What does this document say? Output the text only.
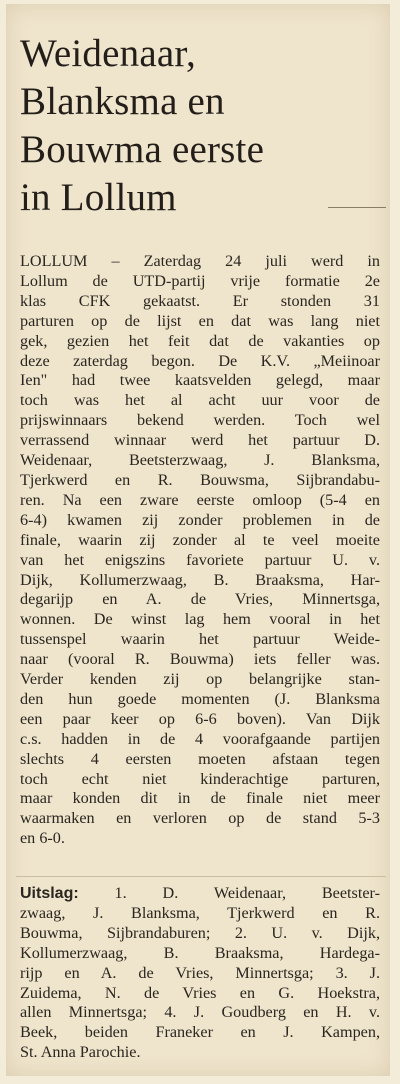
Weidenaar,
Blanksma en
Bouwma eerste
in Lollum
LOLLUM – Zaterdag 24 juli werd in
Lollum de UTD-partij vrije formatie 2e
klas CFK gekaatst. Er stonden 31
parturen op de lijst en dat was lang niet
gek, gezien het feit dat de vakanties op
deze zaterdag begon. De K.V. „Meiinoar
Ien" had twee kaatsvelden gelegd, maar
toch was het al acht uur voor de
prijswinnaars bekend werden. Toch wel
verrassend winnaar werd het partuur D.
Weidenaar, Beetsterzwaag, J. Blanksma,
Tjerkwerd en R. Bouwsma, Sijbrandabu-
ren. Na een zware eerste omloop (5-4 en
6-4) kwamen zij zonder problemen in de
finale, waarin zij zonder al te veel moeite
van het enigszins favoriete partuur U. v.
Dijk, Kollumerzwaag, B. Braaksma, Har-
degarijp en A. de Vries, Minnertsga,
wonnen. De winst lag hem vooral in het
tussenspel waarin het partuur Weide-
naar (vooral R. Bouwma) iets feller was.
Verder kenden zij op belangrijke stan-
den hun goede momenten (J. Blanksma
een paar keer op 6-6 boven). Van Dijk
c.s. hadden in de 4 voorafgaande partijen
slechts 4 eersten moeten afstaan tegen
toch echt niet kinderachtige parturen,
maar konden dit in de finale niet meer
waarmaken en verloren op de stand 5-3
en 6-0.
Uitslag: 1. D. Weidenaar, Beetster-
zwaag, J. Blanksma, Tjerkwerd en R.
Bouwma, Sijbrandaburen; 2. U. v. Dijk,
Kollumerzwaag, B. Braaksma, Hardega-
rijp en A. de Vries, Minnertsga; 3. J.
Zuidema, N. de Vries en G. Hoekstra,
allen Minnertsga; 4. J. Goudberg en H. v.
Beek, beiden Franeker en J. Kampen,
St. Anna Parochie.
